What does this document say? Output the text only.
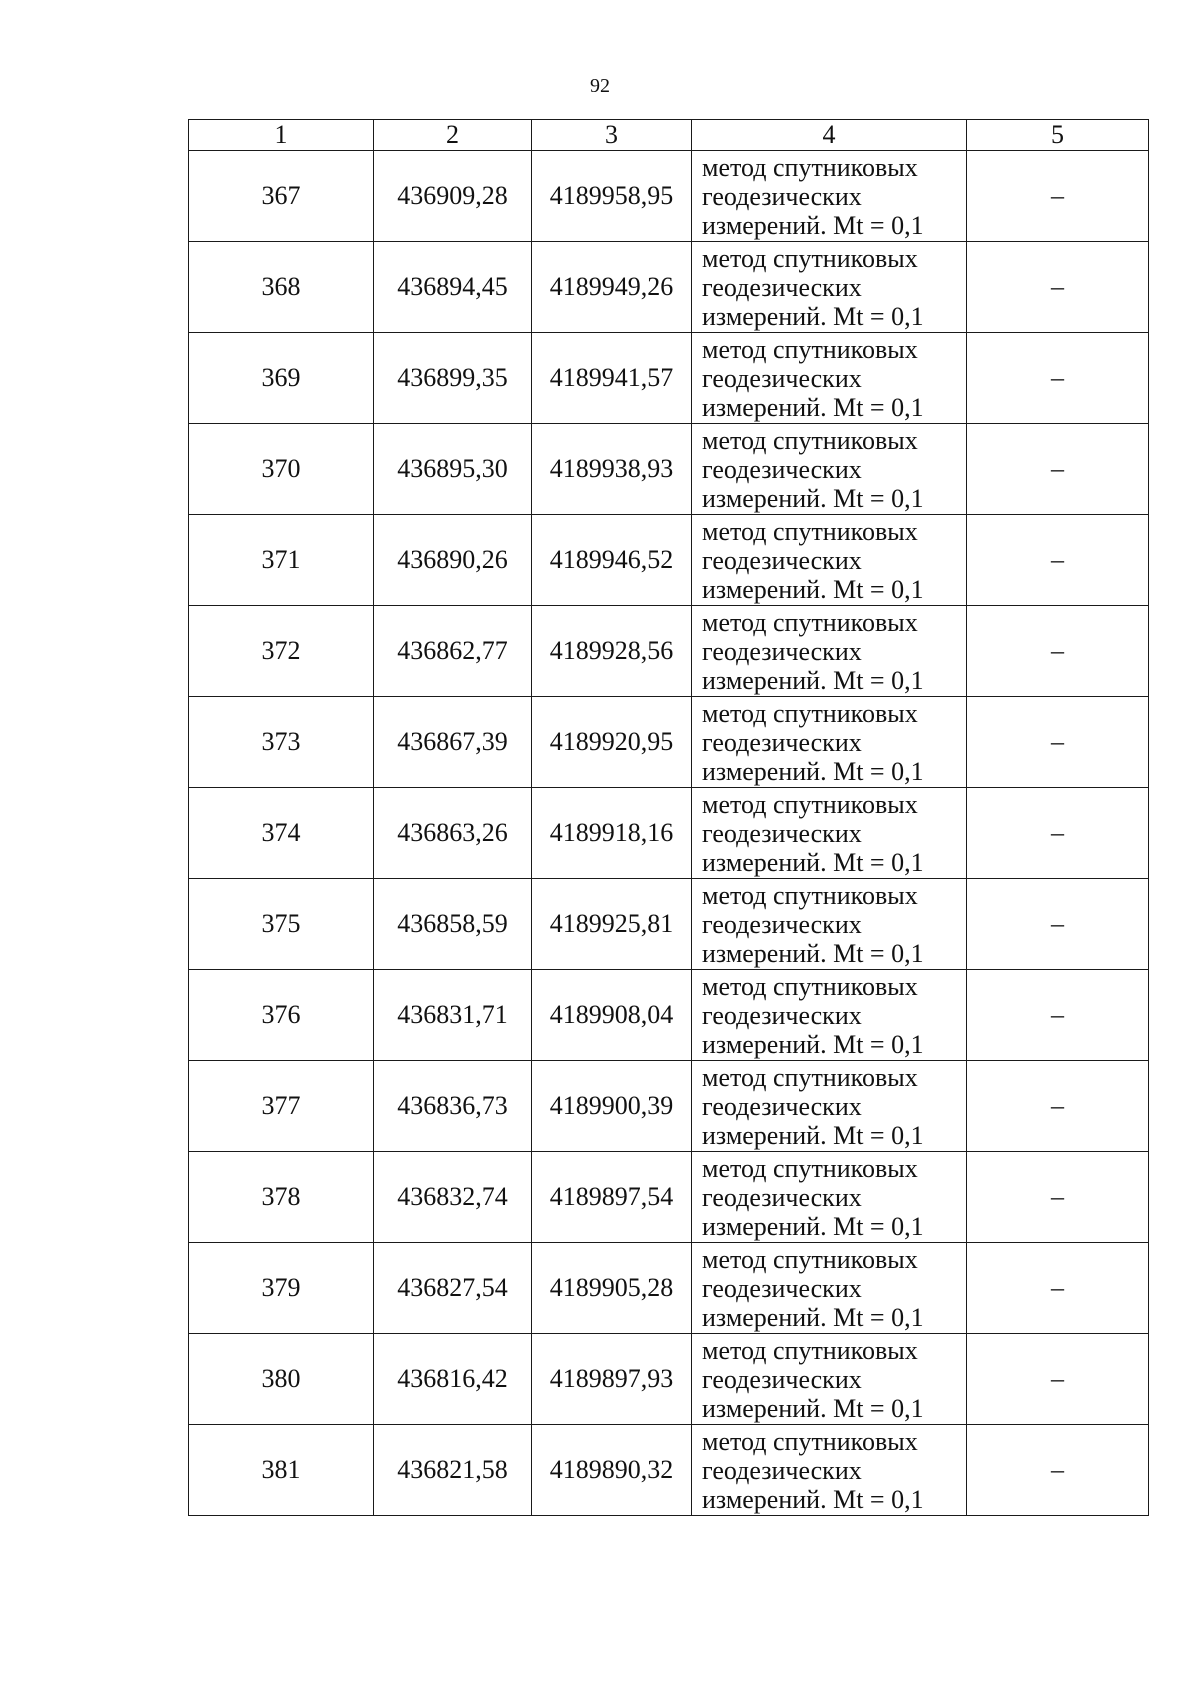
92
1	2	3	4	5
367	436909,28	4189958,95	метод спутниковых
геодезических
измерений. Mt = 0,1	–
368	436894,45	4189949,26	метод спутниковых
геодезических
измерений. Mt = 0,1	–
369	436899,35	4189941,57	метод спутниковых
геодезических
измерений. Mt = 0,1	–
370	436895,30	4189938,93	метод спутниковых
геодезических
измерений. Mt = 0,1	–
371	436890,26	4189946,52	метод спутниковых
геодезических
измерений. Mt = 0,1	–
372	436862,77	4189928,56	метод спутниковых
геодезических
измерений. Mt = 0,1	–
373	436867,39	4189920,95	метод спутниковых
геодезических
измерений. Mt = 0,1	–
374	436863,26	4189918,16	метод спутниковых
геодезических
измерений. Mt = 0,1	–
375	436858,59	4189925,81	метод спутниковых
геодезических
измерений. Mt = 0,1	–
376	436831,71	4189908,04	метод спутниковых
геодезических
измерений. Mt = 0,1	–
377	436836,73	4189900,39	метод спутниковых
геодезических
измерений. Mt = 0,1	–
378	436832,74	4189897,54	метод спутниковых
геодезических
измерений. Mt = 0,1	–
379	436827,54	4189905,28	метод спутниковых
геодезических
измерений. Mt = 0,1	–
380	436816,42	4189897,93	метод спутниковых
геодезических
измерений. Mt = 0,1	–
381	436821,58	4189890,32	метод спутниковых
геодезических
измерений. Mt = 0,1	–
